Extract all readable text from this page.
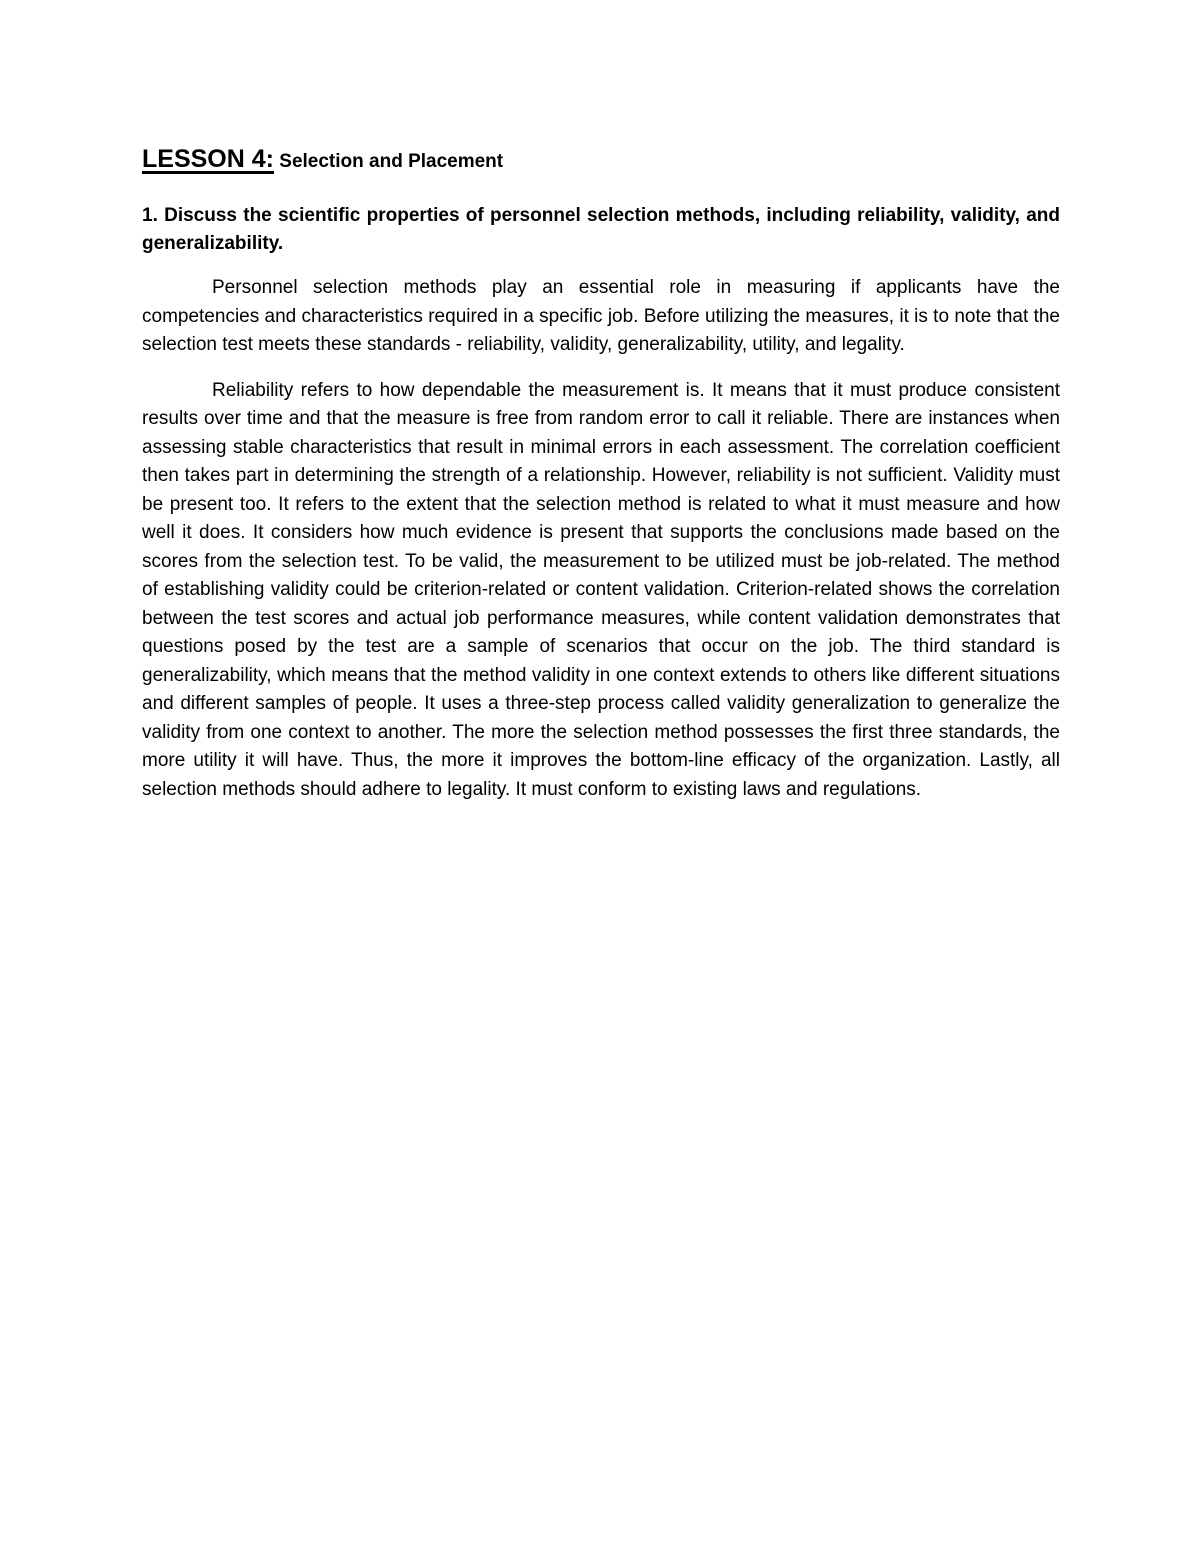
LESSON 4: Selection and Placement

1. Discuss the scientific properties of personnel selection methods, including reliability, validity, and generalizability.

Personnel selection methods play an essential role in measuring if applicants have the competencies and characteristics required in a specific job. Before utilizing the measures, it is to note that the selection test meets these standards - reliability, validity, generalizability, utility, and legality.

Reliability refers to how dependable the measurement is. It means that it must produce consistent results over time and that the measure is free from random error to call it reliable. There are instances when assessing stable characteristics that result in minimal errors in each assessment. The correlation coefficient then takes part in determining the strength of a relationship. However, reliability is not sufficient. Validity must be present too. It refers to the extent that the selection method is related to what it must measure and how well it does. It considers how much evidence is present that supports the conclusions made based on the scores from the selection test. To be valid, the measurement to be utilized must be job-related. The method of establishing validity could be criterion-related or content validation. Criterion-related shows the correlation between the test scores and actual job performance measures, while content validation demonstrates that questions posed by the test are a sample of scenarios that occur on the job. The third standard is generalizability, which means that the method validity in one context extends to others like different situations and different samples of people. It uses a three-step process called validity generalization to generalize the validity from one context to another. The more the selection method possesses the first three standards, the more utility it will have. Thus, the more it improves the bottom-line efficacy of the organization. Lastly, all selection methods should adhere to legality. It must conform to existing laws and regulations.
